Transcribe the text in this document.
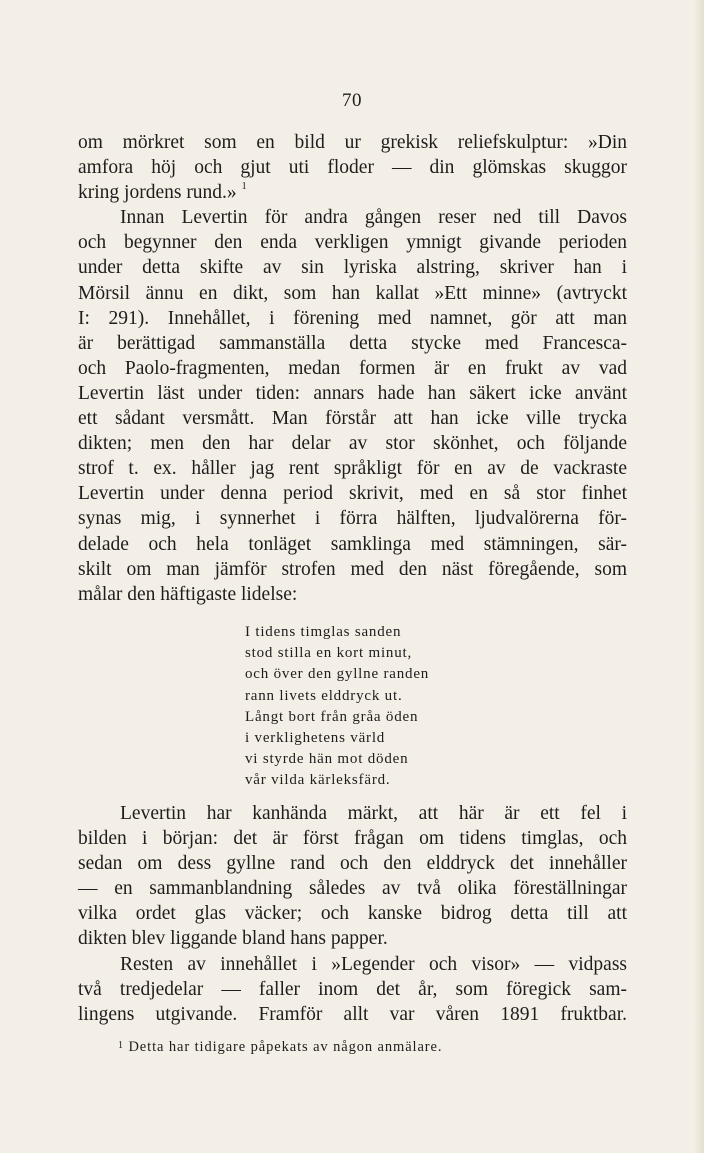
70
om mörkret som en bild ur grekisk reliefskulptur: »Din
amfora höj och gjut uti floder — din glömskas skuggor
kring jordens rund.» $^1$
Innan Levertin för andra gången reser ned till Davos
och begynner den enda verkligen ymnigt givande perioden
under detta skifte av sin lyriska alstring, skriver han i
Mörsil ännu en dikt, som han kallat »Ett minne» (avtryckt
I: 291). Innehållet, i förening med namnet, gör att man
är berättigad sammanställa detta stycke med Francesca-
och Paolo-fragmenten, medan formen är en frukt av vad
Levertin läst under tiden: annars hade han säkert icke använt
ett sådant versmått. Man förstår att han icke ville trycka
dikten; men den har delar av stor skönhet, och följande
strof t. ex. håller jag rent språkligt för en av de vackraste
Levertin under denna period skrivit, med en så stor finhet
synas mig, i synnerhet i förra hälften, ljudvalörerna för-
delade och hela tonläget samklinga med stämningen, sär-
skilt om man jämför strofen med den näst föregående, som
målar den häftigaste lidelse:
I tidens timglas sanden
stod stilla en kort minut,
och över den gyllne randen
rann livets elddryck ut.
Långt bort från gråa öden
i verklighetens värld
vi styrde hän mot döden
vår vilda kärleksfärd.
Levertin har kanhända märkt, att här är ett fel i
bilden i början: det är först frågan om tidens timglas, och
sedan om dess gyllne rand och den elddryck det innehåller
— en sammanblandning således av två olika föreställningar
vilka ordet glas väcker; och kanske bidrog detta till att
dikten blev liggande bland hans papper.
Resten av innehållet i »Legender och visor» — vidpass
två tredjedelar — faller inom det år, som föregick sam-
lingens utgivande. Framför allt var våren 1891 fruktbar.
$^1$ Detta har tidigare påpekats av någon anmälare.
